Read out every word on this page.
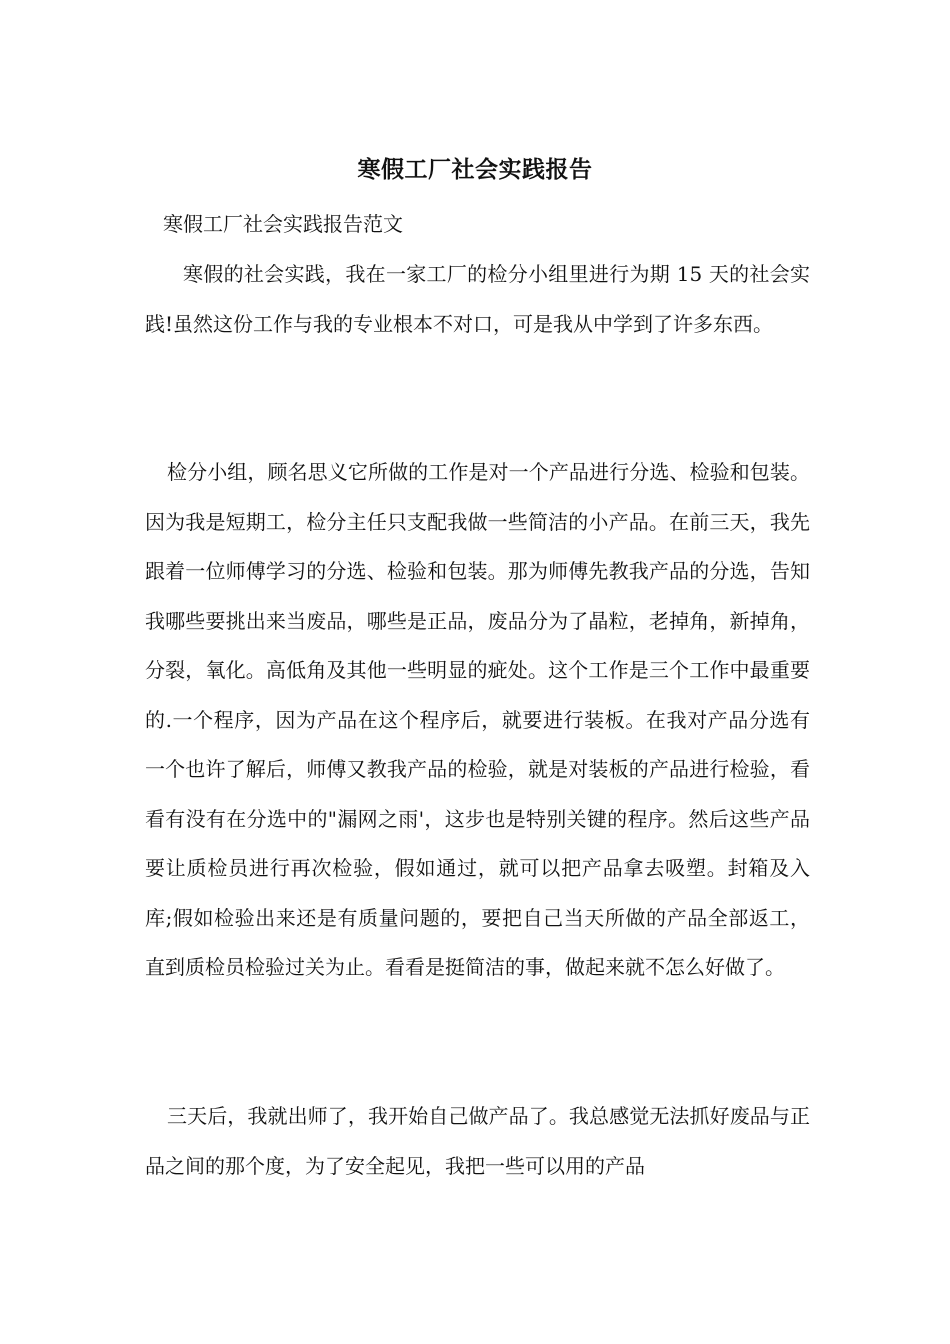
寒假工厂社会实践报告
寒假工厂社会实践报告范文

寒假的社会实践，我在一家工厂的检分小组里进行为期 15 天的社会实践!虽然这份工作与我的专业根本不对口，可是我从中学到了许多东西。

检分小组，顾名思义它所做的工作是对一个产品进行分选、检验和包装。因为我是短期工，检分主任只支配我做一些简洁的小产品。在前三天，我先跟着一位师傅学习的分选、检验和包装。那为师傅先教我产品的分选，告知我哪些要挑出来当废品，哪些是正品，废品分为了晶粒，老掉角，新掉角，分裂，氧化。高低角及其他一些明显的疵处。这个工作是三个工作中最重要的.一个程序，因为产品在这个程序后，就要进行装板。在我对产品分选有一个也许了解后，师傅又教我产品的检验，就是对装板的产品进行检验，看看有没有在分选中的"漏网之雨'，这步也是特别关键的程序。然后这些产品要让质检员进行再次检验，假如通过，就可以把产品拿去吸塑。封箱及入库;假如检验出来还是有质量问题的，要把自己当天所做的产品全部返工，直到质检员检验过关为止。看看是挺简洁的事，做起来就不怎么好做了。

三天后，我就出师了，我开始自己做产品了。我总感觉无法抓好废品与正品之间的那个度，为了安全起见，我把一些可以用的产品
